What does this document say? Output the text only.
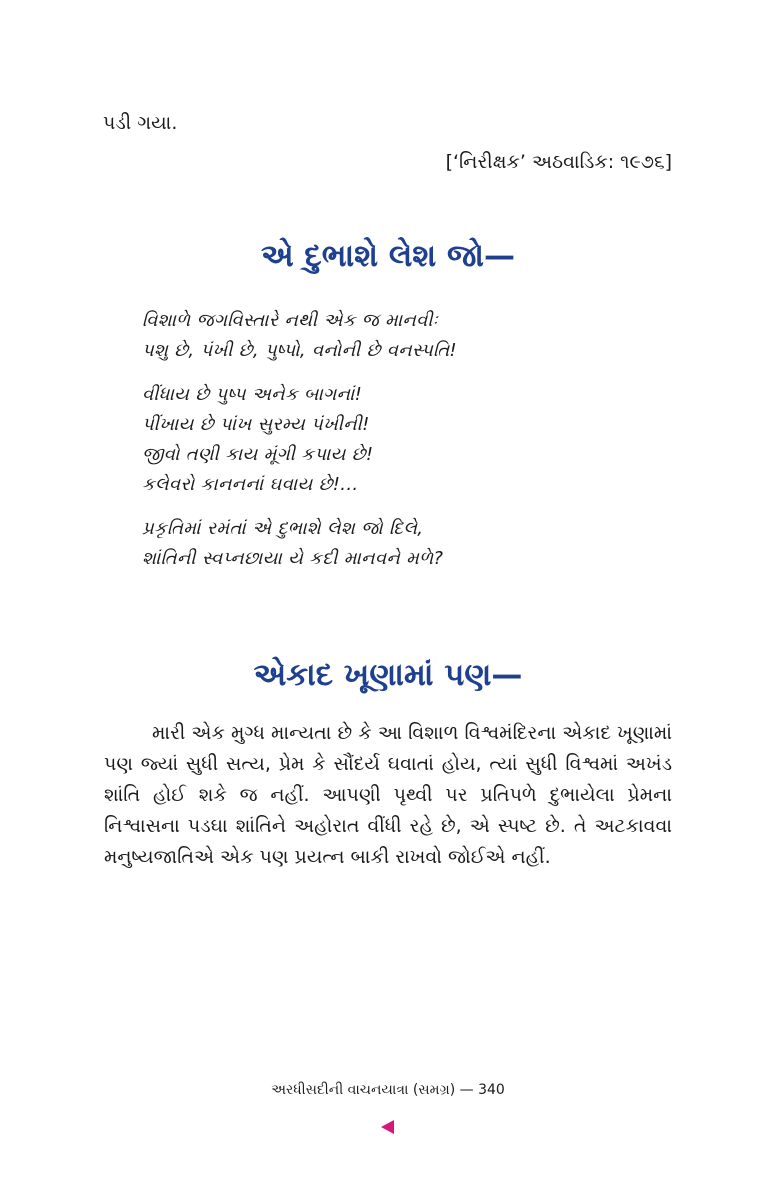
પડી ગયા.
[‘નિરીક્ષક’ અઠવાડિક: ૧૯૭૬]
એ દુભાશે લેશ જો—
વિશાળે જગવિસ્તારે નથી એક જ માનવીઃ
પશુ છે, પંખી છે, પુષ્પો, વનોની છે વનસ્પતિ!
વીંધાય છે પુષ્પ અનેક બાગનાં!
પીંખાય છે પાંખ સુરમ્ય પંખીની!
જીવો તણી કાય મૂંગી કપાય છે!
કલેવરો કાનનનાં ઘવાય છે!...
પ્રકૃતિમાં રમંતાં એ દુભાશે લેશ જો દિલે,
શાંતિની સ્વપ્નછાયા યે કદી માનવને મળે?
એકાદ ખૂણામાં પણ—

મારી એક મુગ્ધ માન્યતા છે કે આ વિશાળ વિશ્વમંદિરના એકાદ ખૂણામાં પણ જ્યાં સુધી સત્ય, પ્રેમ કે સૌંદર્ય ઘવાતાં હોય, ત્યાં સુધી વિશ્વમાં અખંડ શાંતિ હોઈ શકે જ નહીં. આપણી પૃથ્વી પર પ્રતિપળે દુભાયેલા પ્રેમના નિશ્વાસના પડઘા શાંતિને અહોરાત વીંધી રહે છે, એ સ્પષ્ટ છે. તે અટકાવવા મનુષ્યજાતિએ એક પણ પ્રયત્ન બાકી રાખવો જોઈએ નહીં.

અરધીસદીની વાચનયાત્રા (સમગ્ર) — 340
